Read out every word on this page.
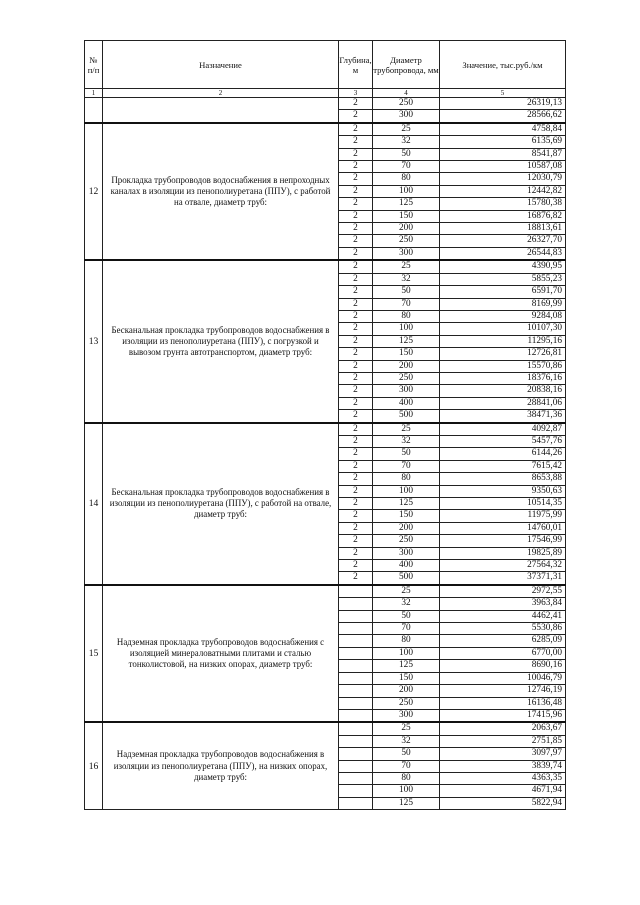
№ п/п	Назначение	Глубина, м	Диаметр трубопровода, мм	Значение, тыс.руб./км
1	2	3	4	5
		2	250	26319,13
		2	300	28566,62
12	Прокладка трубопроводов водоснабжения в непроходных каналах в изоляции из пенополиуретана (ППУ), с работой на отвале, диаметр труб:	2	25	4758,84
		2	32	6135,69
		2	50	8541,87
		2	70	10587,08
		2	80	12030,79
		2	100	12442,82
		2	125	15780,38
		2	150	16876,82
		2	200	18813,61
		2	250	26327,70
		2	300	26544,83
13	Бесканальная прокладка трубопроводов водоснабжения в изоляции из пенополиуретана (ППУ), с погрузкой и вывозом грунта автотранспортом, диаметр труб:	2	25	4390,95
		2	32	5855,23
		2	50	6591,70
		2	70	8169,99
		2	80	9284,08
		2	100	10107,30
		2	125	11295,16
		2	150	12726,81
		2	200	15570,86
		2	250	18376,16
		2	300	20838,16
		2	400	28841,06
		2	500	38471,36
14	Бесканальная прокладка трубопроводов водоснабжения в изоляции из пенополиуретана (ППУ), с работой на отвале, диаметр труб:	2	25	4092,87
		2	32	5457,76
		2	50	6144,26
		2	70	7615,42
		2	80	8653,88
		2	100	9350,63
		2	125	10514,35
		2	150	11975,99
		2	200	14760,01
		2	250	17546,99
		2	300	19825,89
		2	400	27564,32
		2	500	37371,31
15	Надземная прокладка трубопроводов водоснабжения с изоляцией минераловатными плитами и сталью тонколистовой, на низких опорах, диаметр труб:		25	2972,55
			32	3963,84
			50	4462,41
			70	5530,86
			80	6285,09
			100	6770,00
			125	8690,16
			150	10046,79
			200	12746,19
			250	16136,48
			300	17415,96
16	Надземная прокладка трубопроводов водоснабжения в изоляции из пенополиуретана (ППУ), на низких опорах, диаметр труб:		25	2063,67
			32	2751,85
			50	3097,97
			70	3839,74
			80	4363,35
			100	4671,94
			125	5822,94
